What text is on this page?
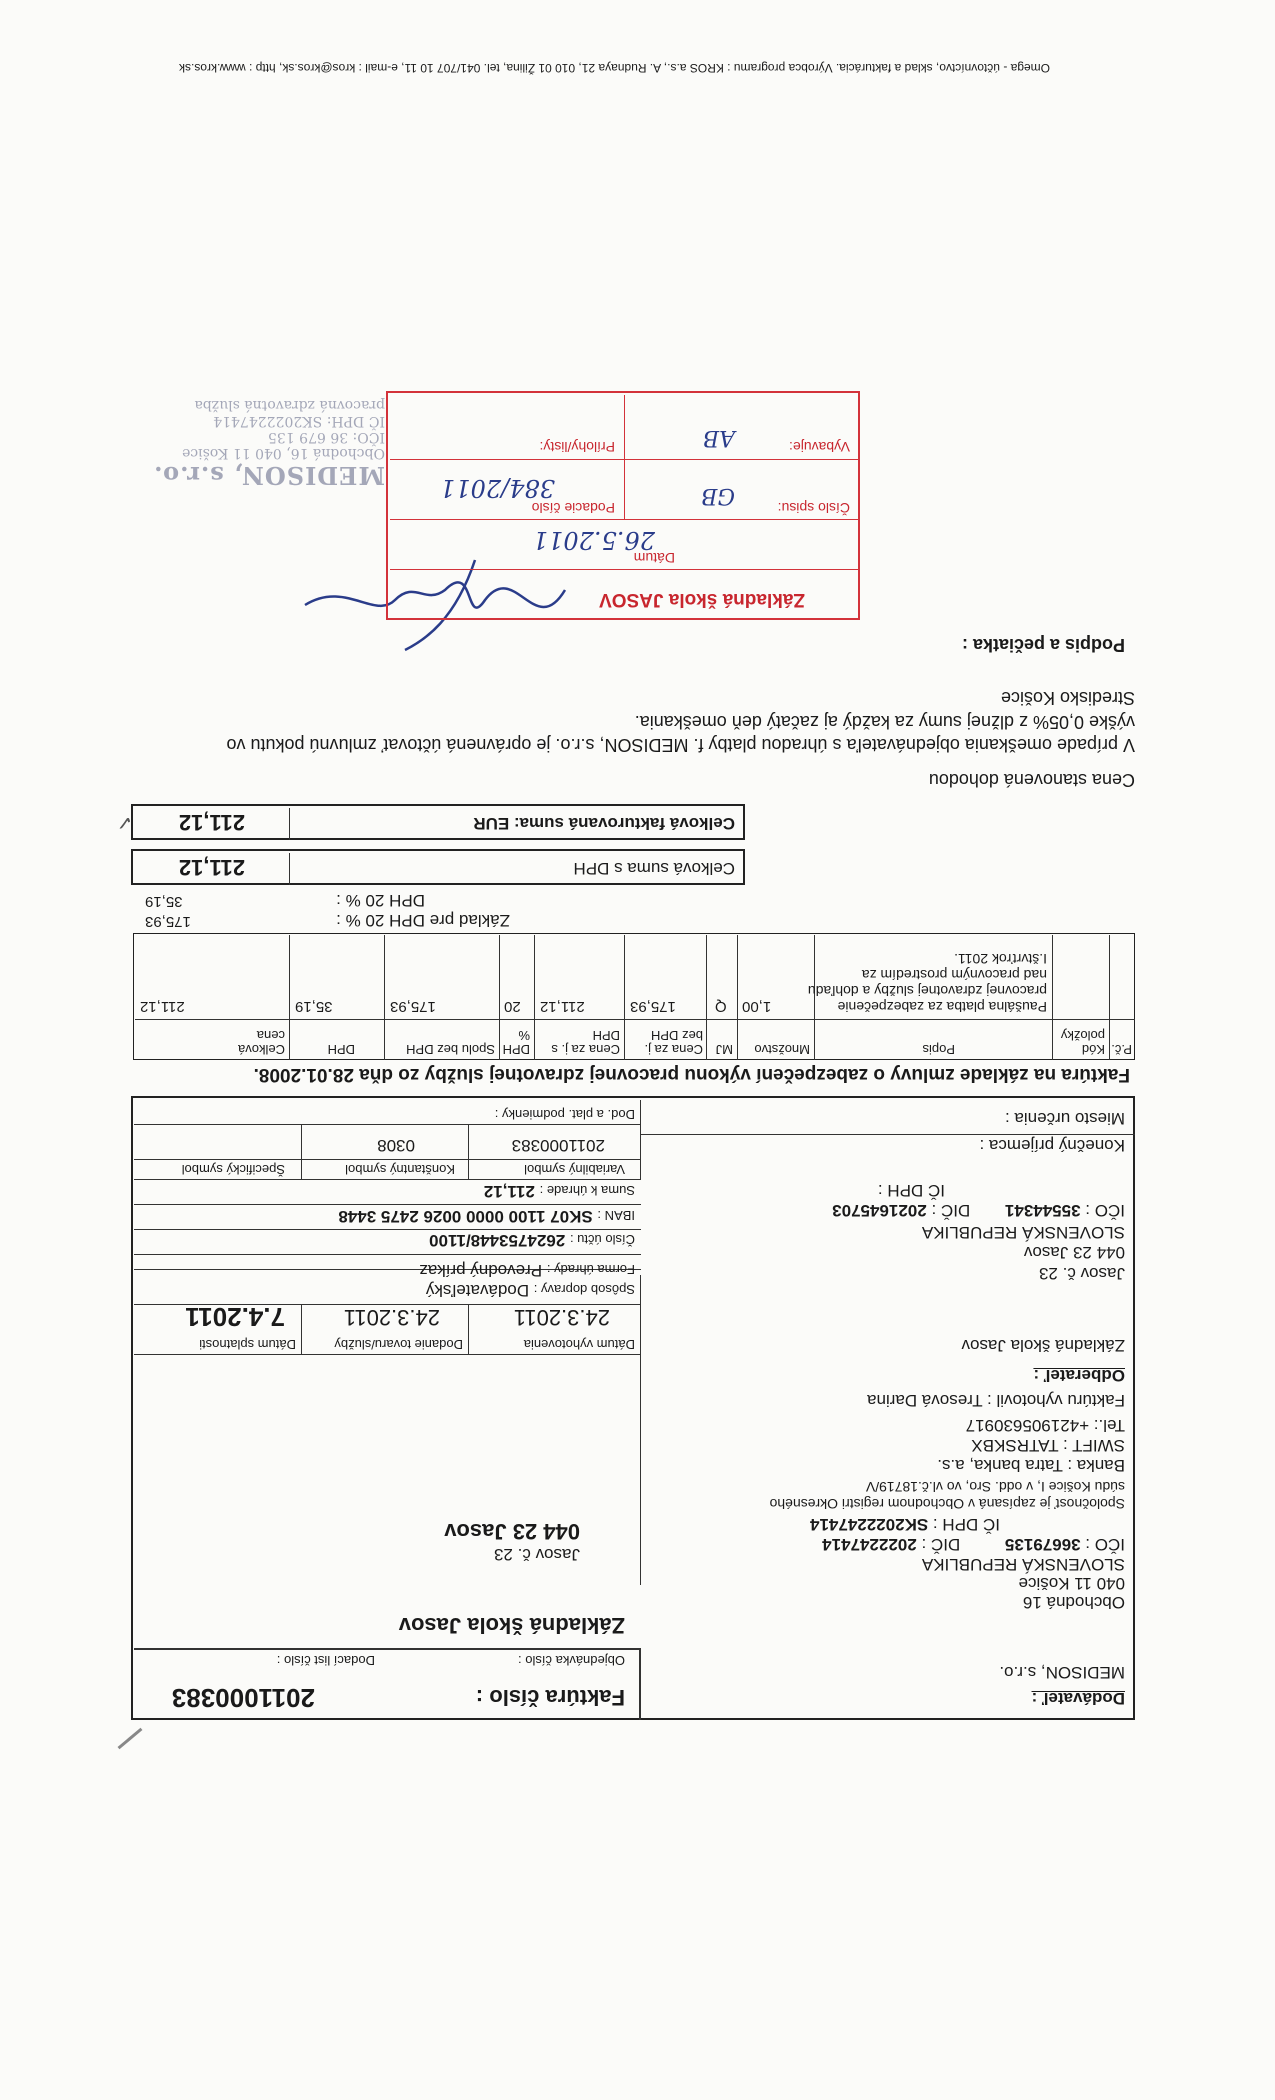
Omega - účtovníctvo, sklad a fakturácia. Výrobca programu : KROS a.s., A. Rudnaya 21, 010 01 Žilina, tel. 041/707 10 11, e-mail : kros@kros.sk, http : www.kros.sk
Dodávateľ :
MEDISON, s.r.o.
Obchodná 16
040 11 Košice
SLOVENSKÁ REPUBLIKA
IČO : 36679135 DIČ : 2022247414
IČ DPH : SK2022247414
Spoločnosť je zapísaná v Obchodnom registri Okresného
súdu Košice I, v odd. Sro, vo vl.č.18719/V
Banka : Tatra banka, a.s.
SWIFT : TATRSKBX
Tel.: +421905630917
Faktúru vyhotovil : Tresová Darina
Faktúra číslo :
2011000383
Objednávka číslo :
Dodací list číslo :
Základná škola Jasov
Jasov č. 23
044 23 Jasov
Odberateľ :
Základná škola Jasov
Jasov č. 23
044 23 Jasov
SLOVENSKÁ REPUBLIKA
IČO : 35544341 DIČ : 2021645703
IČ DPH :
Konečný príjemca :
Miesto určenia :
Dátum vyhotovenia
Dodanie tovaru/služby
Dátum splatnosti
24.3.2011
24.3.2011
7.4.2011
Spôsob dopravy : Dodávateľský
Forma úhrady : Prevodný príkaz
Číslo účtu : 2624753448/1100
IBAN : SK07 1100 0000 0026 2475 3448
Suma k úhrade : 211,12
Variabilný symbol
Konštantný symbol
Špecifický symbol
2011000383
0308
Dod. a plat. podmienky :
Faktúra na základe zmluvy o zabezpečení výkonu pracovnej zdravotnej služby zo dňa 28.01.2008.
P.č.
Kód položky
Popis
Množstvo
MJ
Cena za j. bez DPH
Cena za j. s DPH
DPH %
Spolu bez DPH
DPH
Celková cena
Paušálna platba za zabezpečenie
pracovnej zdravotnej služby a dohľadu
nad pracovným prostredím za
I.štvrťrok 2011.
1,00
Q
175,93
211,12
20
175,93
35,19
211,12
Základ pre DPH 20 % :
175,93
DPH 20 % :
35,19
Celková suma s DPH
211,12
Celková fakturovaná suma: EUR
211,12
✓
Cena stanovená dohodou
V prípade omeškania objednávateľa s úhradou platby f. MEDISON, s.r.o. je oprávnená účtovať zmluvnú pokutu vo
výške 0,05% z dlžnej sumy za každý aj začatý deň omeškania.
Stredisko Košice
Podpis a pečiatka :
Základná škola JASOV
Dátum
26.5.2011
Číslo spisu:
GB
Podacie číslo
384/2011
Vybavuje:
AB
Prílohy/listy:
MEDISON, s.r.o.
Obchodná 16, 040 11 Košice
IČO: 36 679 135
IČ DPH: SK2022247414
pracovná zdravotná služba
